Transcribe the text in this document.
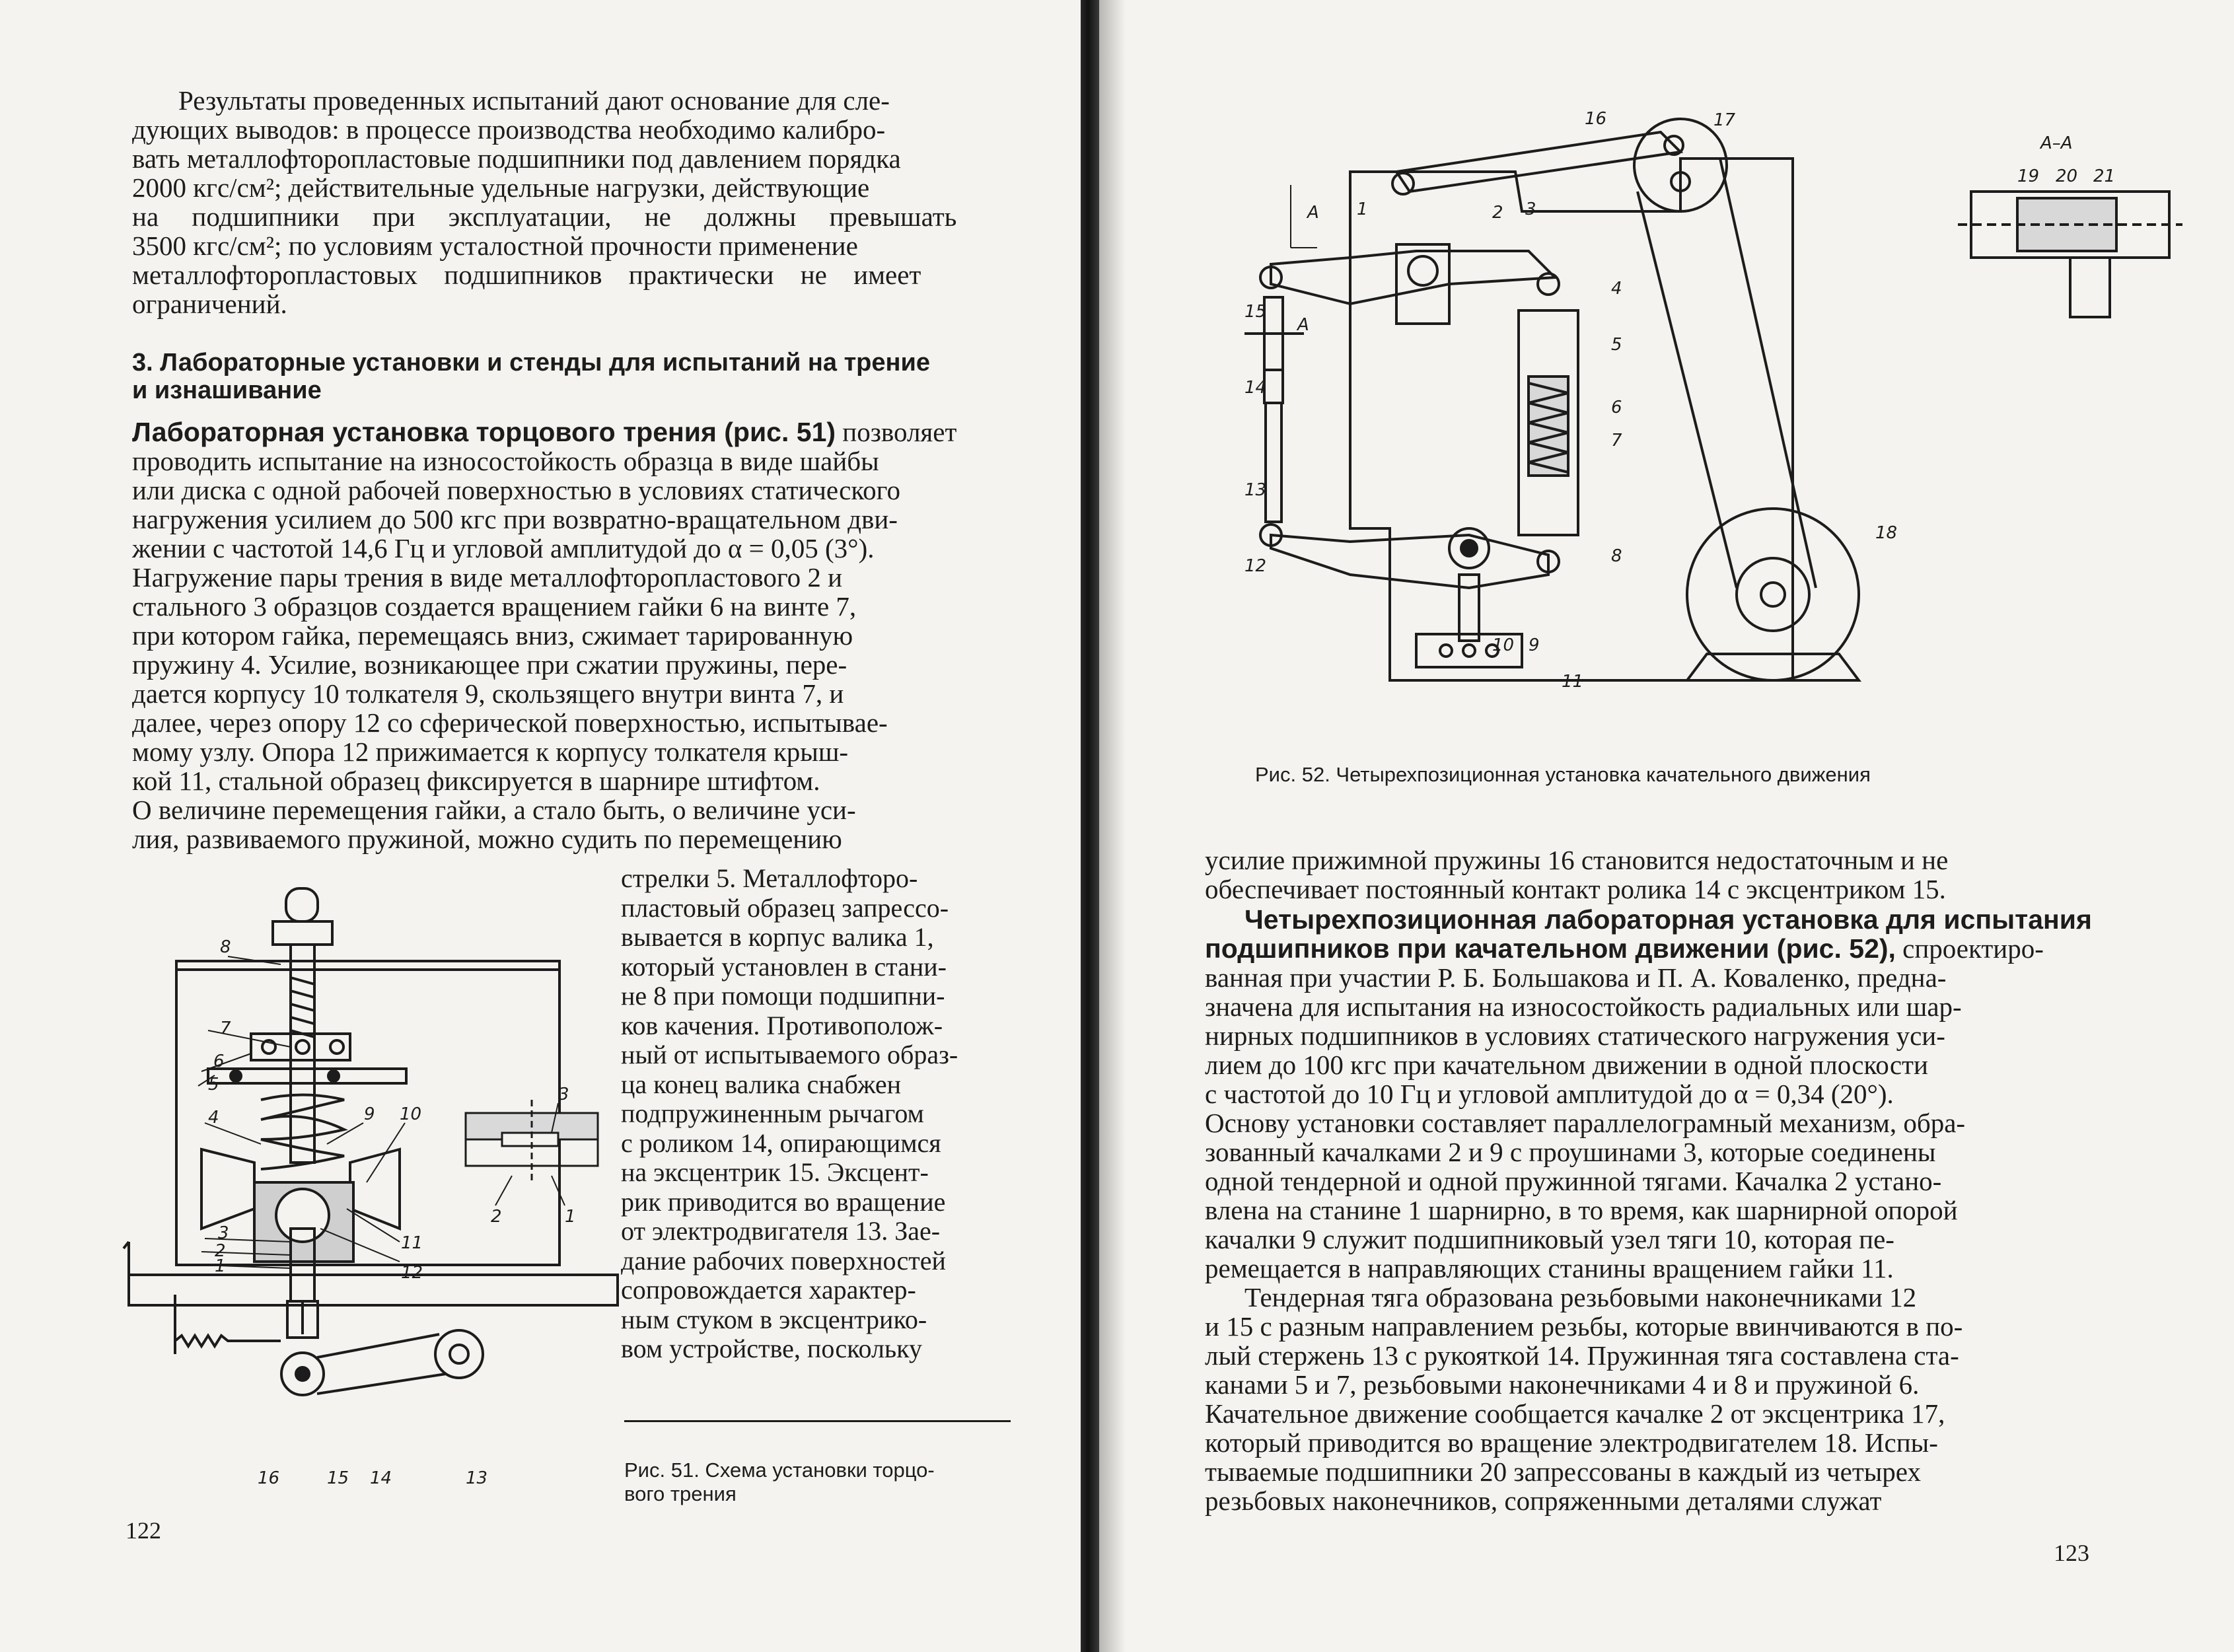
Результаты проведенных испытаний дают основание для сле-
дующих выводов: в процессе производства необходимо калибро-
вать металлофторопластовые подшипники под давлением порядка
2000 кгс/см²; действительные удельные нагрузки, действующие
на подшипники при эксплуатации, не должны превышать
3500 кгс/см²; по условиям усталостной прочности применение
металлофторопластовых подшипников практически не имеет
ограничений.
3. Лабораторные установки и стенды для испытаний на трение
и изнашивание
Лабораторная установка торцового трения (рис. 51) позволяет
проводить испытание на износостойкость образца в виде шайбы
или диска с одной рабочей поверхностью в условиях статического
нагружения усилием до 500 кгс при возвратно-вращательном дви-
жении с частотой 14,6 Гц и угловой амплитудой до α = 0,05 (3°).
Нагружение пары трения в виде металлофторопластового 2 и
стального 3 образцов создается вращением гайки 6 на винте 7,
при котором гайка, перемещаясь вниз, сжимает тарированную
пружину 4. Усилие, возникающее при сжатии пружины, пере-
дается корпусу 10 толкателя 9, скользящего внутри винта 7, и
далее, через опору 12 со сферической поверхностью, испытывае-
мому узлу. Опора 12 прижимается к корпусу толкателя крыш-
кой 11, стальной образец фиксируется в шарнире штифтом.
О величине перемещения гайки, а стало быть, о величине уси-
лия, развиваемого пружиной, можно судить по перемещению
стрелки 5. Металлофторо-
пластовый образец запрессо-
вывается в корпус валика 1,
который установлен в стани-
не 8 при помощи подшипни-
ков качения. Противополож-
ный от испытываемого образ-
ца конец валика снабжен
подпружиненным рычагом
с роликом 14, опирающимся
на эксцентрик 15. Эксцент-
рик приводится во вращение
от электродвигателя 13. Зае-
дание рабочих поверхностей
сопровождается характер-
ным стуком в эксцентрико-
вом устройстве, поскольку
Рис. 51. Схема установки торцо-
вого трения
122
8
7
6
5
4	9 10
3
2
1
11
12
16	15 14	13
3
2	1
16	17
А–А
19 20 21
А 1	2 3
4
15
А
5
14
6
7
13
12	8
18
10 9
11
Рис. 52. Четырехпозиционная установка качательного движения
усилие прижимной пружины 16 становится недостаточным и не
обеспечивает постоянный контакт ролика 14 с эксцентриком 15.
Четырехпозиционная лабораторная установка для испытания
подшипников при качательном движении (рис. 52), спроектиро-
ванная при участии Р. Б. Большакова и П. А. Коваленко, предна-
значена для испытания на износостойкость радиальных или шар-
нирных подшипников в условиях статического нагружения уси-
лием до 100 кгс при качательном движении в одной плоскости
с частотой до 10 Гц и угловой амплитудой до α = 0,34 (20°).
Основу установки составляет параллелограмный механизм, обра-
зованный качалками 2 и 9 с проушинами 3, которые соединены
одной тендерной и одной пружинной тягами. Качалка 2 устано-
влена на станине 1 шарнирно, в то время, как шарнирной опорой
качалки 9 служит подшипниковый узел тяги 10, которая пе-
ремещается в направляющих станины вращением гайки 11.
Тендерная тяга образована резьбовыми наконечниками 12
и 15 с разным направлением резьбы, которые ввинчиваются в по-
лый стержень 13 с рукояткой 14. Пружинная тяга составлена ста-
канами 5 и 7, резьбовыми наконечниками 4 и 8 и пружиной 6.
Качательное движение сообщается качалке 2 от эксцентрика 17,
который приводится во вращение электродвигателем 18. Испы-
тываемые подшипники 20 запрессованы в каждый из четырех
резьбовых наконечников, сопряженными деталями служат
123
